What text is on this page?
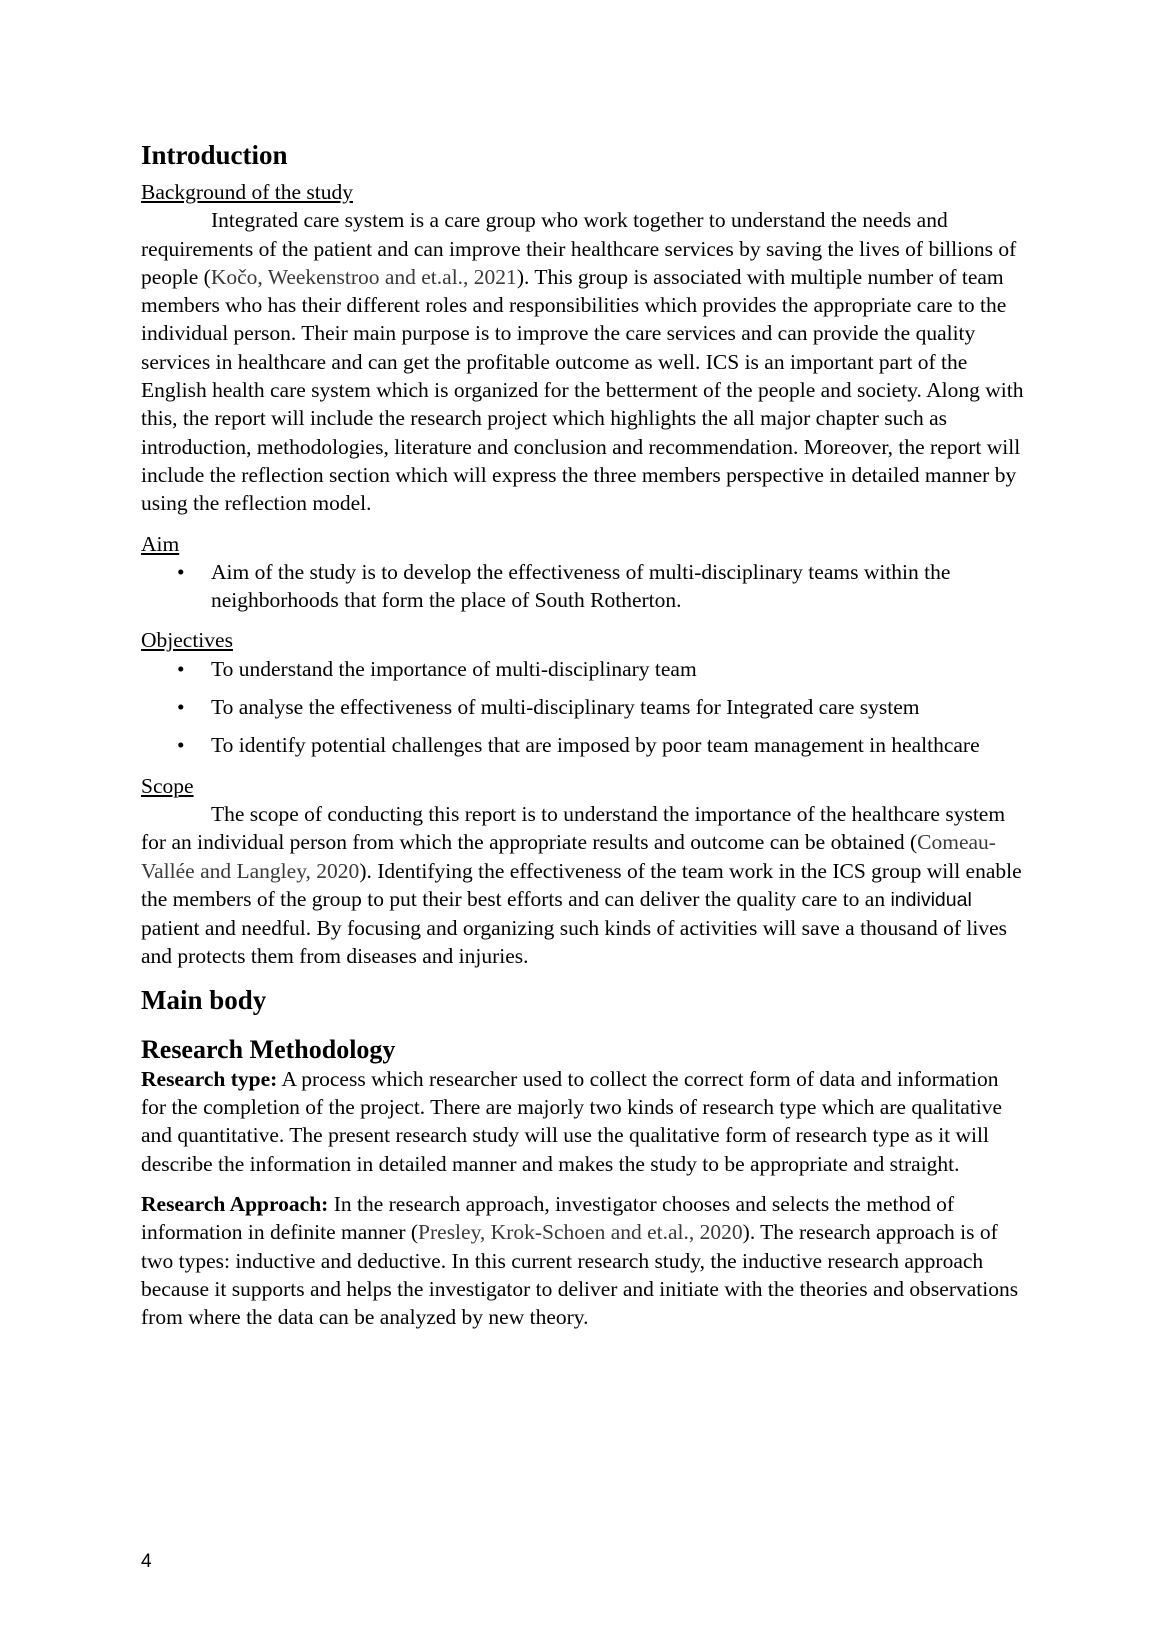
Introduction

Background of the study

Integrated care system is a care group who work together to understand the needs and requirements of the patient and can improve their healthcare services by saving the lives of billions of people (Kočo, Weekenstroo and et.al., 2021). This group is associated with multiple number of team members who has their different roles and responsibilities which provides the appropriate care to the individual person. Their main purpose is to improve the care services and can provide the quality services in healthcare and can get the profitable outcome as well. ICS is an important part of the English health care system which is organized for the betterment of the people and society. Along with this, the report will include the research project which highlights the all major chapter such as introduction, methodologies, literature and conclusion and recommendation. Moreover, the report will include the reflection section which will express the three members perspective in detailed manner by using the reflection model.

Aim

• Aim of the study is to develop the effectiveness of multi-disciplinary teams within the neighborhoods that form the place of South Rotherton.

Objectives

• To understand the importance of multi-disciplinary team
• To analyse the effectiveness of multi-disciplinary teams for Integrated care system
• To identify potential challenges that are imposed by poor team management in healthcare

Scope

The scope of conducting this report is to understand the importance of the healthcare system for an individual person from which the appropriate results and outcome can be obtained (Comeau-Vallée and Langley, 2020). Identifying the effectiveness of the team work in the ICS group will enable the members of the group to put their best efforts and can deliver the quality care to an individual patient and needful. By focusing and organizing such kinds of activities will save a thousand of lives and protects them from diseases and injuries.

Main body
Research Methodology

Research type: A process which researcher used to collect the correct form of data and information for the completion of the project. There are majorly two kinds of research type which are qualitative and quantitative. The present research study will use the qualitative form of research type as it will describe the information in detailed manner and makes the study to be appropriate and straight.

Research Approach: In the research approach, investigator chooses and selects the method of information in definite manner (Presley, Krok-Schoen and et.al., 2020). The research approach is of two types: inductive and deductive. In this current research study, the inductive research approach because it supports and helps the investigator to deliver and initiate with the theories and observations from where the data can be analyzed by new theory.

4
